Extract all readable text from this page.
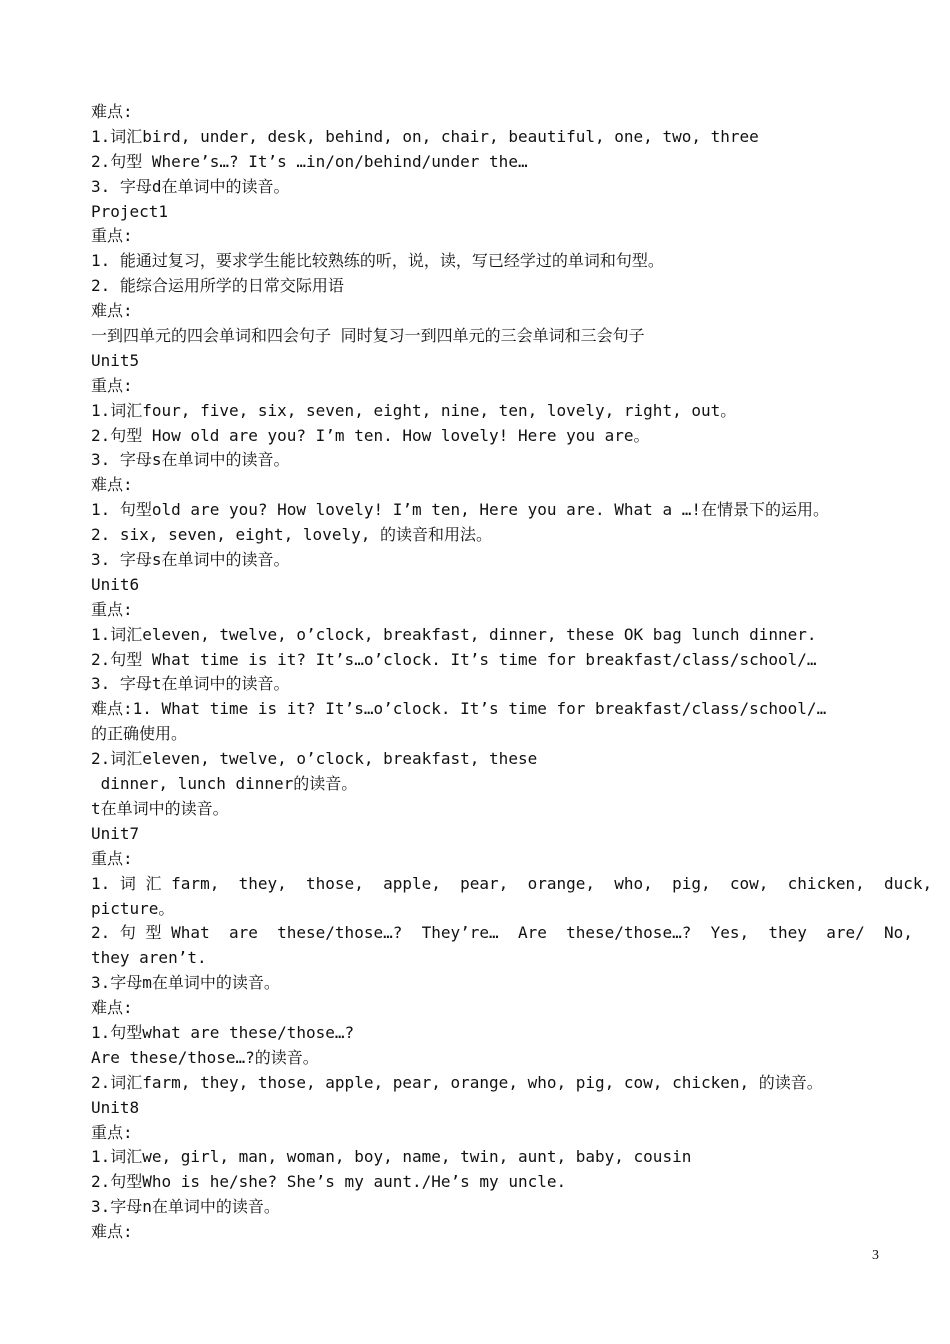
难点:
1.词汇bird, under, desk, behind, on, chair, beautiful, one, two, three
2.句型 Where’s…? It’s …in/on/behind/under the…
3. 字母d在单词中的读音。
Project1
重点:
1. 能通过复习，要求学生能比较熟练的听，说，读，写已经学过的单词和句型。
2. 能综合运用所学的日常交际用语
难点:
一到四单元的四会单词和四会句子 同时复习一到四单元的三会单词和三会句子
Unit5
重点:
1.词汇four, five, six, seven, eight, nine, ten, lovely, right, out。
2.句型 How old are you? I’m ten. How lovely! Here you are。
3. 字母s在单词中的读音。
难点:
1. 句型old are you? How lovely! I’m ten, Here you are. What a …!在情景下的运用。
2. six, seven, eight, lovely, 的读音和用法。
3. 字母s在单词中的读音。
Unit6
重点:
1.词汇eleven, twelve, o’clock, breakfast, dinner, these OK bag lunch dinner.
2.句型 What time is it? It’s…o’clock. It’s time for breakfast/class/school/…
3. 字母t在单词中的读音。
难点:1. What time is it? It’s…o’clock. It’s time for breakfast/class/school/…
的正确使用。
2.词汇eleven, twelve, o’clock, breakfast, these
dinner, lunch dinner的读音。
t在单词中的读音。
Unit7
重点:
1. 词 汇 farm,  they,  those,  apple,  pear,  orange,  who,  pig,  cow,  chicken,  duck,
picture。
2. 句 型 What  are  these/those…?  They’re…  Are  these/those…?  Yes,  they  are/  No,
they aren’t.
3.字母m在单词中的读音。
难点:
1.句型what are these/those…?
Are these/those…?的读音。
2.词汇farm, they, those, apple, pear, orange, who, pig, cow, chicken, 的读音。
Unit8
重点:
1.词汇we, girl, man, woman, boy, name, twin, aunt, baby, cousin
2.句型Who is he/she? She’s my aunt./He’s my uncle.
3.字母n在单词中的读音。
难点:
3
